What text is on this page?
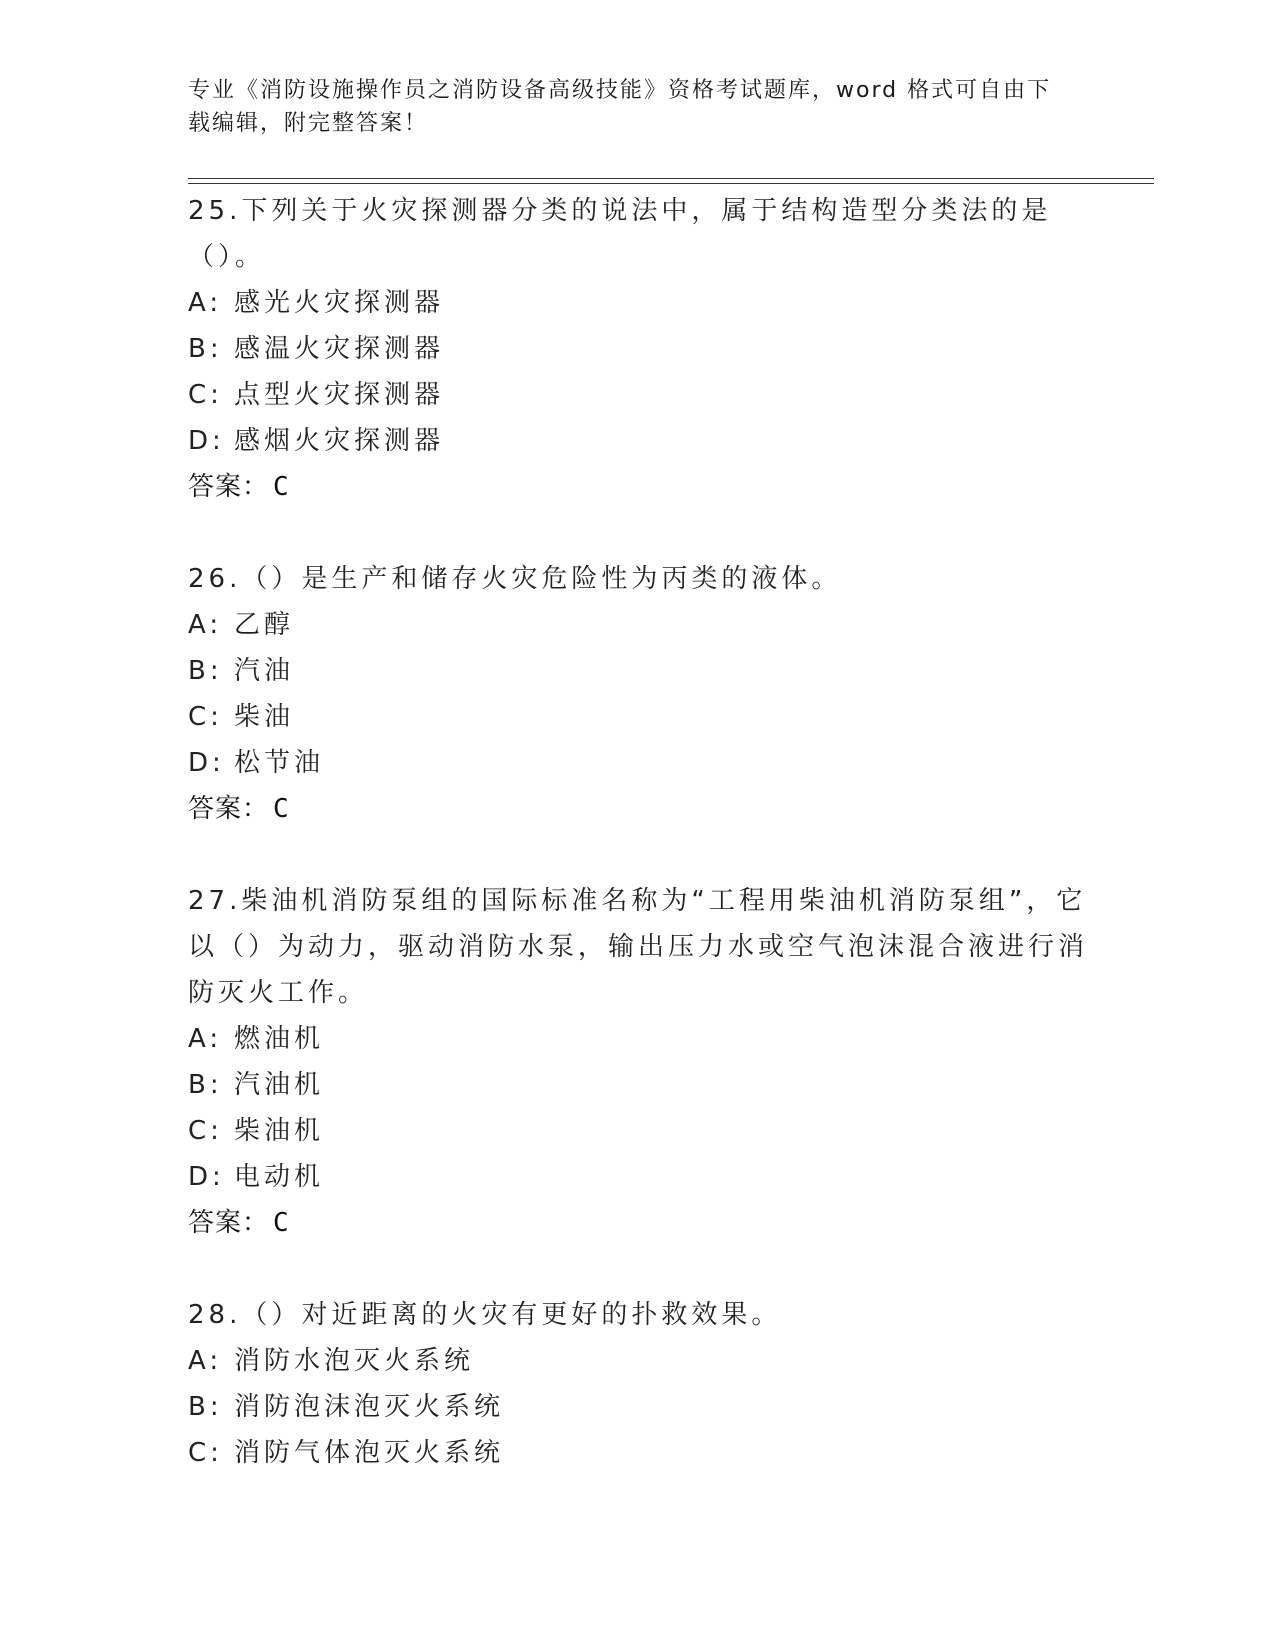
专业《消防设施操作员之消防设备高级技能》资格考试题库，word 格式可自由下
载编辑，附完整答案！
25.下列关于火灾探测器分类的说法中，属于结构造型分类法的是（）。
A: 感光火灾探测器
B: 感温火灾探测器
C: 点型火灾探测器
D: 感烟火灾探测器
答案： C
26.（）是生产和储存火灾危险性为丙类的液体。
A: 乙醇
B: 汽油
C: 柴油
D: 松节油
答案： C
27.柴油机消防泵组的国际标准名称为“工程用柴油机消防泵组”，它以（）为动力，驱动消防水泵，输出压力水或空气泡沫混合液进行消防灭火工作。
A: 燃油机
B: 汽油机
C: 柴油机
D: 电动机
答案： C
28.（）对近距离的火灾有更好的扑救效果。
A: 消防水泡灭火系统
B: 消防泡沫泡灭火系统
C: 消防气体泡灭火系统
